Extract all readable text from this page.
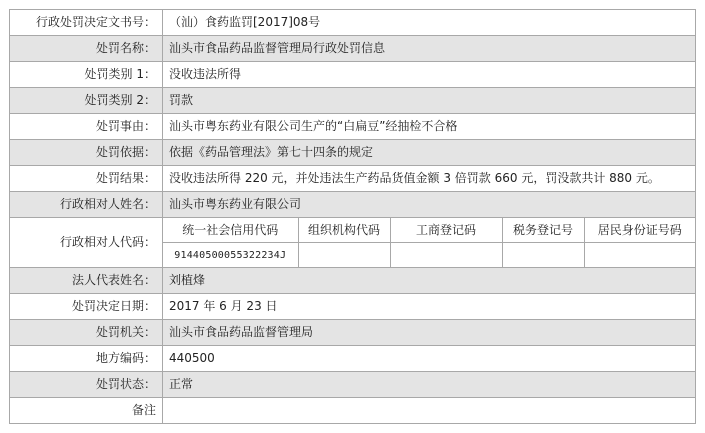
行政处罚决定文书号：	（汕）食药监罚[2017]08号
处罚名称：	汕头市食品药品监督管理局行政处罚信息
处罚类别 1：	没收违法所得
处罚类别 2：	罚款
处罚事由：	汕头市粤东药业有限公司生产的“白扁豆”经抽检不合格
处罚依据：	依据《药品管理法》第七十四条的规定
处罚结果：	没收违法所得 220 元，并处违法生产药品货值金额 3 倍罚款 660 元，罚没款共计 880 元。
行政相对人姓名：	汕头市粤东药业有限公司
行政相对人代码：	
统一社会信用代码	组织机构代码	工商登记码	税务登记号	居民身份证号码
91440500055322234J				

法人代表姓名：	刘植烽
处罚决定日期：	2017 年 6 月 23 日
处罚机关：	汕头市食品药品监督管理局
地方编码：	440500
处罚状态：	正常
备注	
